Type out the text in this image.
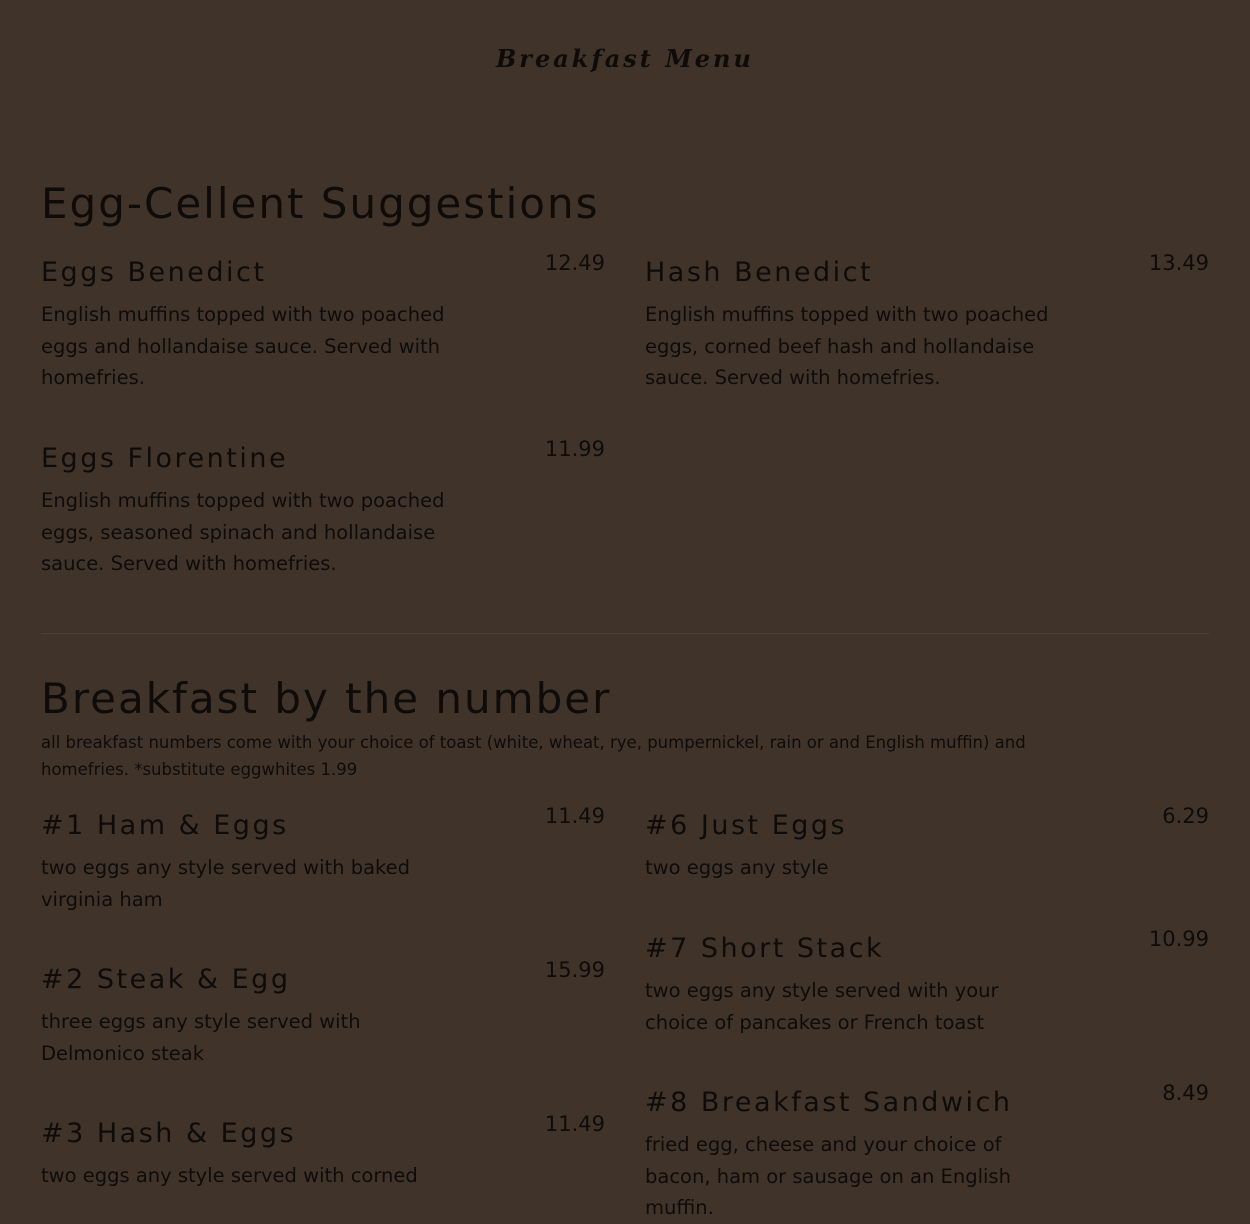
Breakfast Menu
Egg-Cellent Suggestions
Eggs Benedict	12.49
English muffins topped with two poached eggs and hollandaise sauce. Served with homefries.
Hash Benedict	13.49
English muffins topped with two poached eggs, corned beef hash and hollandaise sauce. Served with homefries.
Eggs Florentine	11.99
English muffins topped with two poached eggs, seasoned spinach and hollandaise sauce. Served with homefries.
Breakfast by the number
all breakfast numbers come with your choice of toast (white, wheat, rye, pumpernickel, rain or and English muffin) and homefries. *substitute eggwhites 1.99
#1 Ham & Eggs	11.49
two eggs any style served with baked virginia ham
#6 Just Eggs	6.29
two eggs any style
#7 Short Stack	10.99
two eggs any style served with your choice of pancakes or French toast
#2 Steak & Egg	15.99
three eggs any style served with Delmonico steak
#8 Breakfast Sandwich	8.49
fried egg, cheese and your choice of bacon, ham or sausage on an English muffin.
#3 Hash & Eggs	11.49
two eggs any style served with corned
